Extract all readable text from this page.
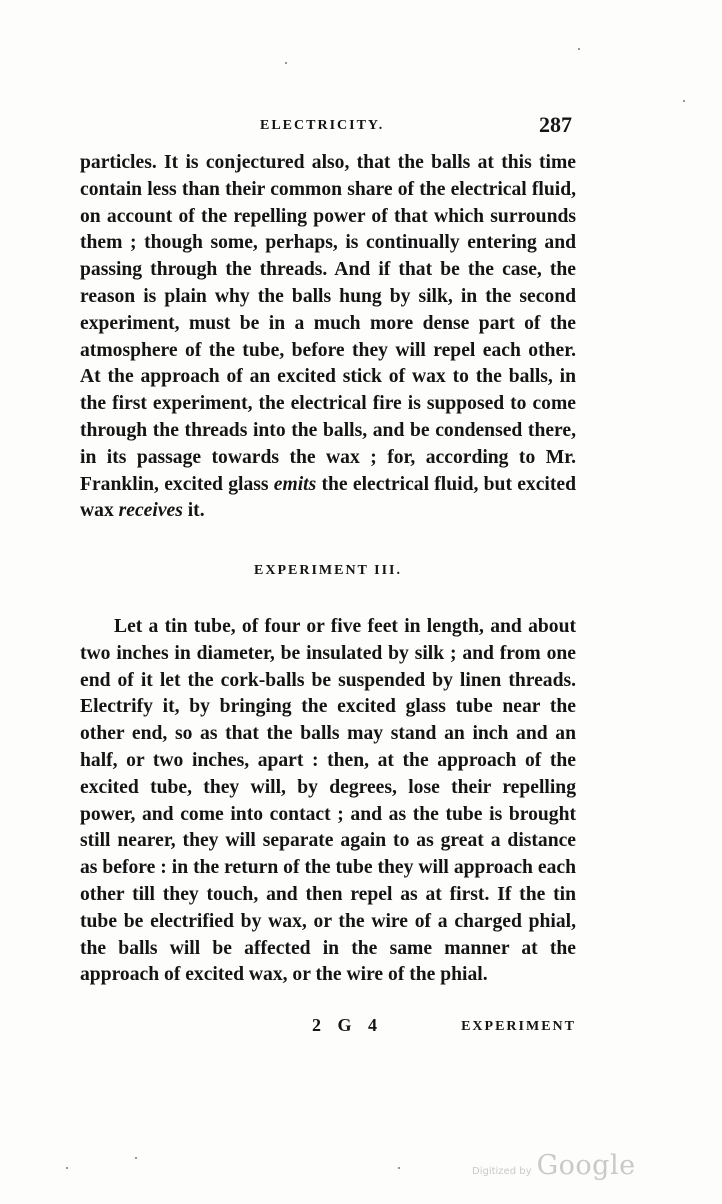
ELECTRICITY.	287

particles. It is conjectured also, that the balls at this time contain less than their common share of the electrical fluid, on account of the repelling power of that which surrounds them ; though some, perhaps, is continually entering and passing through the threads. And if that be the case, the reason is plain why the balls hung by silk, in the second experiment, must be in a much more dense part of the atmosphere of the tube, before they will repel each other. At the approach of an excited stick of wax to the balls, in the first experiment, the electrical fire is supposed to come through the threads into the balls, and be condensed there, in its passage towards the wax ; for, according to Mr. Franklin, excited glass emits the electrical fluid, but excited wax receives it.

EXPERIMENT III.

Let a tin tube, of four or five feet in length, and about two inches in diameter, be insulated by silk ; and from one end of it let the cork-balls be suspended by linen threads. Electrify it, by bringing the excited glass tube near the other end, so as that the balls may stand an inch and an half, or two inches, apart : then, at the approach of the excited tube, they will, by degrees, lose their repelling power, and come into contact ; and as the tube is brought still nearer, they will separate again to as great a distance as before : in the return of the tube they will approach each other till they touch, and then repel as at first. If the tin tube be electrified by wax, or the wire of a charged phial, the balls will be affected in the same manner at the approach of excited wax, or the wire of the phial.

2 G 4	EXPERIMENT
Digitized by Google
